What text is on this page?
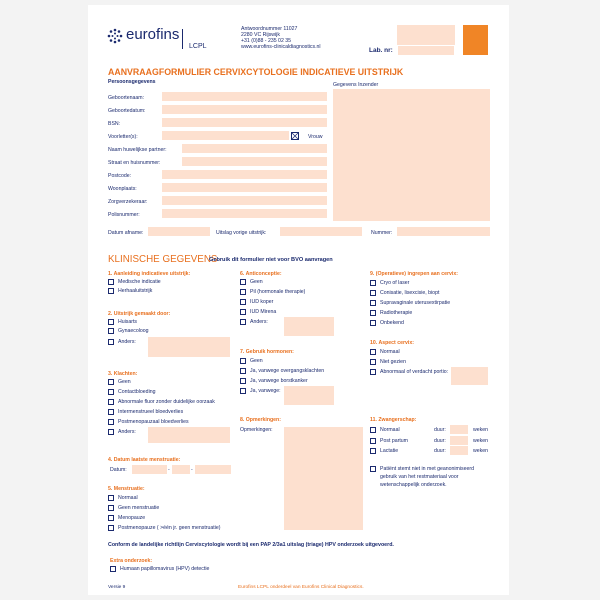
eurofins
LCPL
Antwoordnummer 11027
2280 VC Rijswijk
+31 (0)88 - 235 02 35
www.eurofins-clinicaldiagnostics.nl	Lab. nr:
AANVRAAGFORMULIER CERVIXCYTOLOGIE INDICATIEVE UITSTRIJK
Persoonsgegevens	Gegevens Inzender
Geboortenaam:
Geboortedatum:
BSN:
Voorletter(s):	Vrouw
Naam huwelijkse partner:
Straat en huisnummer:
Postcode:
Woonplaats:
Zorgverzekeraar:
Polisnummer:
Datum afname:	Uitslag vorige uitstrijk:	Nummer:
KLINISCHE GEGEVENS
Gebruik dit formulier niet voor BVO aanvragen
1. Aanleiding indicatieve uitstrijk:
Medische indicatie
Herhaaluitstrijk
2. Uitstrijk gemaakt door:
Huisarts
Gynaecoloog
Anders:
3. Klachten:
Geen
Contactbloeding
Abnormale fluor zonder duidelijke oorzaak
Intermenstrueel bloedverlies
Postmenopauzaal bloedverlies
Anders:
4. Datum laatste menstruatie:
Datum:	-	-
5. Menstruatie:
Normaal
Geen menstruatie
Menopauze
Postmenopauze ( >één jr. geen menstruatie)
6. Anticonceptie:
Geen
Pil (hormonale therapie)
IUD koper
IUD Mirena
Anders:
7. Gebruik hormonen:
Geen
Ja, vanwege overgangsklachten
Ja, vanwege borstkanker
Ja, vanwege:
8. Opmerkingen:
Opmerkingen:
9. (Operatieve) ingrepen aan cervix:
Cryo of laser
Conisatie, lisexcisie, biopt
Supravaginale uterusextirpatie
Radiotherapie
Onbekend
10. Aspect cervix:
Normaal
Niet gezien
Abnormaal of verdacht portio:
11. Zwangerschap:
Normaal	duur:	weken
Post partum	duur:	weken
Lactatie	duur:	weken
Patiënt stemt niet in met geanonimiseerd
gebruik van het restmateriaal voor
wetenschappelijk onderzoek.
Conform de landelijke richtlijn Cervixcytologie wordt bij een PAP 2/3a1 uitslag (triage) HPV onderzoek uitgevoerd.
Extra onderzoek:
Humaan papillomavirus (HPV) detectie
Versie 9	Eurofins LCPL onderdeel van Eurofins Clinical Diagnostics.
